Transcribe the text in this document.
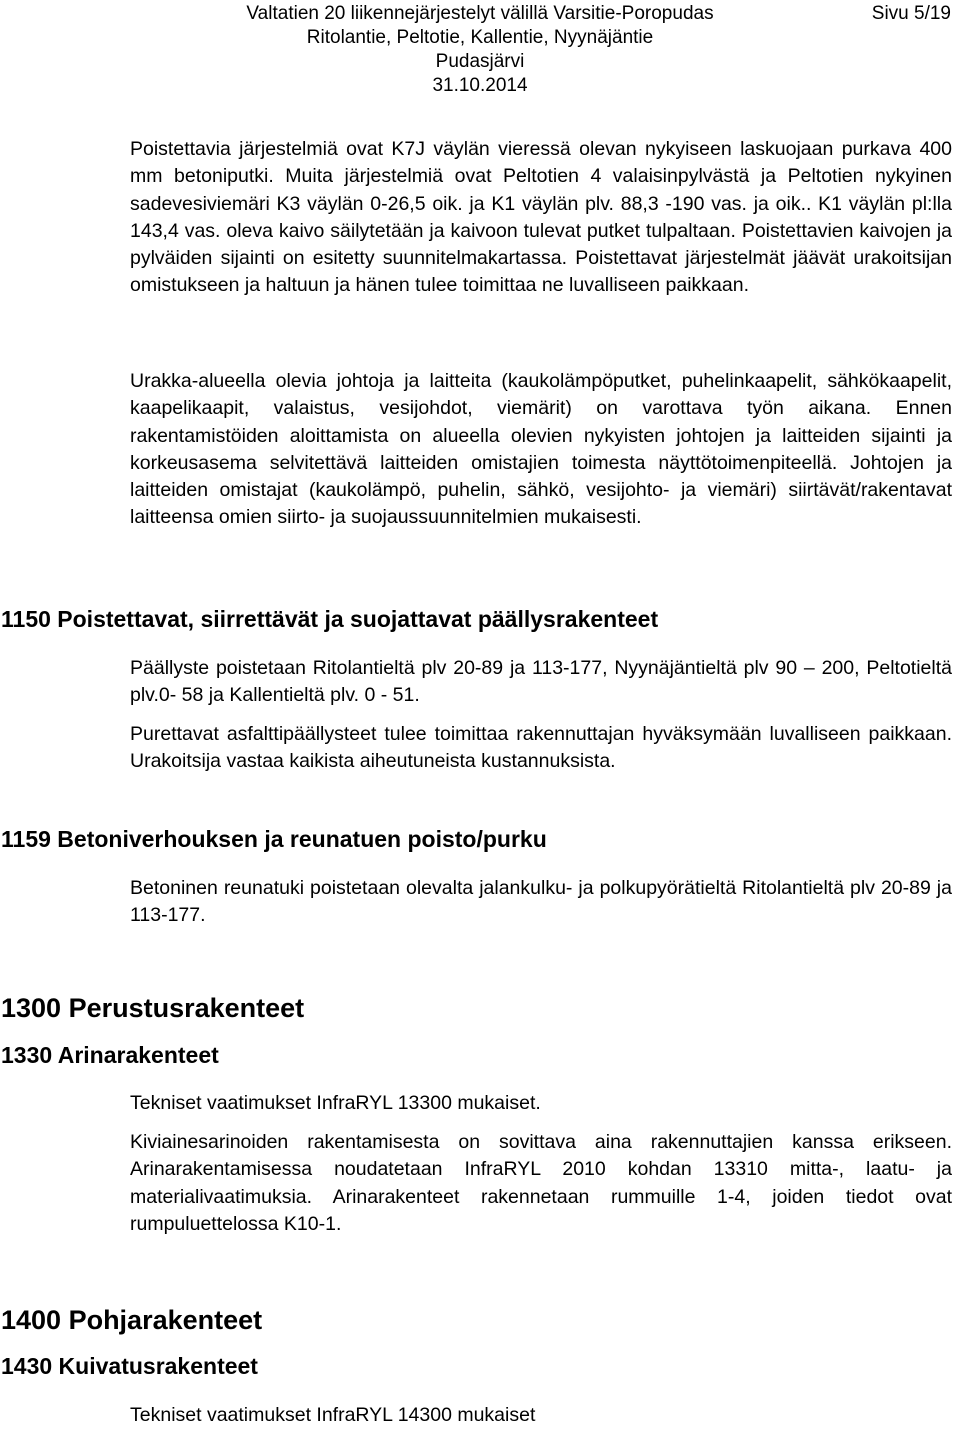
Valtatien 20 liikennejärjestelyt välillä Varsitie-Poropudas
Ritolantie, Peltotie, Kallentie, Nyynäjäntie
Pudasjärvi
31.10.2014
Sivu 5/19

Poistettavia järjestelmiä ovat K7J väylän vieressä olevan nykyiseen laskuojaan purkava 400 mm betoniputki. Muita järjestelmiä ovat Peltotien 4 valaisinpylvästä ja Peltotien nykyinen sadevesiviemäri K3 väylän 0-26,5 oik. ja K1 väylän plv. 88,3 -190 vas. ja oik.. K1 väylän pl:lla 143,4 vas. oleva kaivo säilytetään ja kaivoon tulevat putket tulpaltaan. Poistettavien kaivojen ja pylväiden sijainti on esitetty suunnitelmakartassa. Poistettavat järjestelmät jäävät urakoitsijan omistukseen ja haltuun ja hänen tulee toimittaa ne luvalliseen paikkaan.

Urakka-alueella olevia johtoja ja laitteita (kaukolämpöputket, puhelinkaapelit, sähkökaapelit, kaapelikaapit, valaistus, vesijohdot, viemärit) on varottava työn aikana. Ennen rakentamistöiden aloittamista on alueella olevien nykyisten johtojen ja laitteiden sijainti ja korkeusasema selvitettävä laitteiden omistajien toimesta näyttötoimenpiteellä. Johtojen ja laitteiden omistajat (kaukolämpö, puhelin, sähkö, vesijohto- ja viemäri) siirtävät/rakentavat laitteensa omien siirto- ja suojaussuunnitelmien mukaisesti.

1150 Poistettavat, siirrettävät ja suojattavat päällysrakenteet

Päällyste poistetaan Ritolantieltä plv 20-89 ja 113-177, Nyynäjäntieltä plv 90 – 200, Peltotieltä plv.0- 58 ja Kallentieltä plv. 0 - 51.

Purettavat asfalttipäällysteet tulee toimittaa rakennuttajan hyväksymään luvalliseen paikkaan. Urakoitsija vastaa kaikista aiheutuneista kustannuksista.

1159 Betoniverhouksen ja reunatuen poisto/purku

Betoninen reunatuki poistetaan olevalta jalankulku- ja polkupyörätieltä Ritolantieltä plv 20-89 ja 113-177.

1300 Perustusrakenteet
1330 Arinarakenteet

Tekniset vaatimukset InfraRYL 13300 mukaiset.

Kiviainesarinoiden rakentamisesta on sovittava aina rakennuttajien kanssa erikseen. Arinarakentamisessa noudatetaan InfraRYL 2010 kohdan 13310 mitta-, laatu- ja materialivaatimuksia. Arinarakenteet rakennetaan rummuille 1-4, joiden tiedot ovat rumpuluettelossa K10-1.

1400 Pohjarakenteet
1430 Kuivatusrakenteet

Tekniset vaatimukset InfraRYL 14300 mukaiset
